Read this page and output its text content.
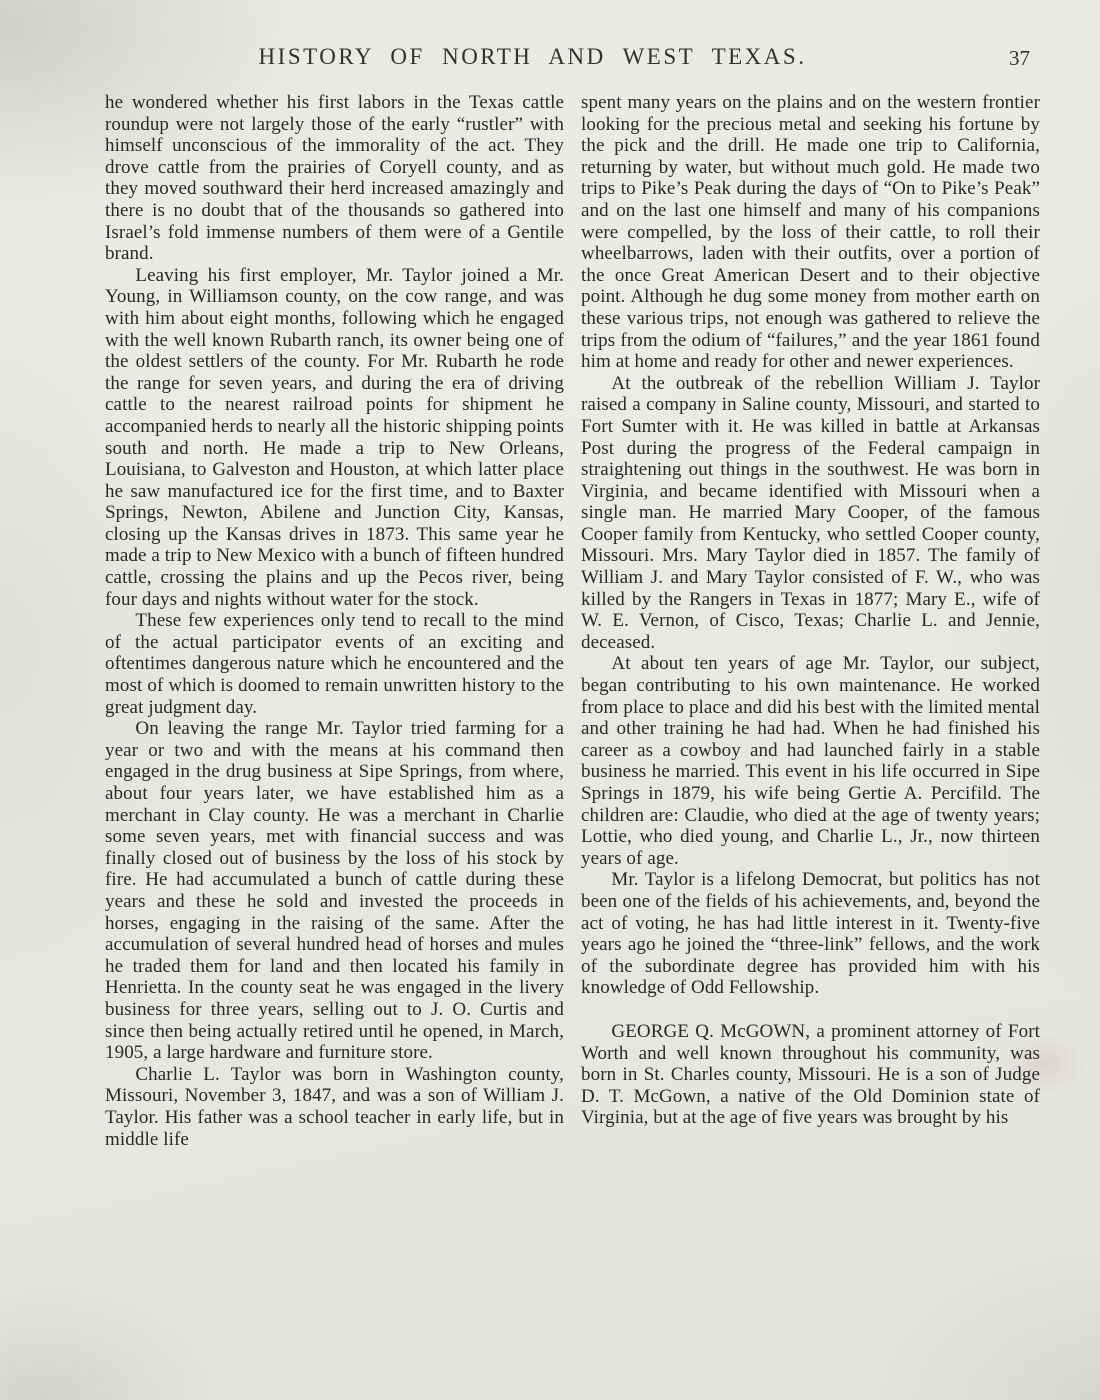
HISTORY OF NORTH AND WEST TEXAS.	37

he wondered whether his first labors in the Texas cattle roundup were not largely those of the early “rustler” with himself unconscious of the immorality of the act. They drove cattle from the prairies of Coryell county, and as they moved southward their herd increased amazingly and there is no doubt that of the thousands so gathered into Israel’s fold immense numbers of them were of a Gentile brand.

Leaving his first employer, Mr. Taylor joined a Mr. Young, in Williamson county, on the cow range, and was with him about eight months, following which he engaged with the well known Rubarth ranch, its owner being one of the oldest settlers of the county. For Mr. Rubarth he rode the range for seven years, and during the era of driving cattle to the nearest railroad points for shipment he accompanied herds to nearly all the historic shipping points south and north. He made a trip to New Orleans, Louisiana, to Galveston and Houston, at which latter place he saw manufactured ice for the first time, and to Baxter Springs, Newton, Abilene and Junction City, Kansas, closing up the Kansas drives in 1873. This same year he made a trip to New Mexico with a bunch of fifteen hundred cattle, crossing the plains and up the Pecos river, being four days and nights without water for the stock.

These few experiences only tend to recall to the mind of the actual participator events of an exciting and oftentimes dangerous nature which he encountered and the most of which is doomed to remain unwritten history to the great judgment day.

On leaving the range Mr. Taylor tried farming for a year or two and with the means at his command then engaged in the drug business at Sipe Springs, from where, about four years later, we have established him as a merchant in Clay county. He was a merchant in Charlie some seven years, met with financial success and was finally closed out of business by the loss of his stock by fire. He had accumulated a bunch of cattle during these years and these he sold and invested the proceeds in horses, engaging in the raising of the same. After the accumulation of several hundred head of horses and mules he traded them for land and then located his family in Henrietta. In the county seat he was engaged in the livery business for three years, selling out to J. O. Curtis and since then being actually retired until he opened, in March, 1905, a large hardware and furniture store.

Charlie L. Taylor was born in Washington county, Missouri, November 3, 1847, and was a son of William J. Taylor. His father was a school teacher in early life, but in middle life

spent many years on the plains and on the western frontier looking for the precious metal and seeking his fortune by the pick and the drill. He made one trip to California, returning by water, but without much gold. He made two trips to Pike’s Peak during the days of “On to Pike’s Peak” and on the last one himself and many of his companions were compelled, by the loss of their cattle, to roll their wheelbarrows, laden with their outfits, over a portion of the once Great American Desert and to their objective point. Although he dug some money from mother earth on these various trips, not enough was gathered to relieve the trips from the odium of “failures,” and the year 1861 found him at home and ready for other and newer experiences.

At the outbreak of the rebellion William J. Taylor raised a company in Saline county, Missouri, and started to Fort Sumter with it. He was killed in battle at Arkansas Post during the progress of the Federal campaign in straightening out things in the southwest. He was born in Virginia, and became identified with Missouri when a single man. He married Mary Cooper, of the famous Cooper family from Kentucky, who settled Cooper county, Missouri. Mrs. Mary Taylor died in 1857. The family of William J. and Mary Taylor consisted of F. W., who was killed by the Rangers in Texas in 1877; Mary E., wife of W. E. Vernon, of Cisco, Texas; Charlie L. and Jennie, deceased.

At about ten years of age Mr. Taylor, our subject, began contributing to his own maintenance. He worked from place to place and did his best with the limited mental and other training he had had. When he had finished his career as a cowboy and had launched fairly in a stable business he married. This event in his life occurred in Sipe Springs in 1879, his wife being Gertie A. Percifild. The children are: Claudie, who died at the age of twenty years; Lottie, who died young, and Charlie L., Jr., now thirteen years of age.

Mr. Taylor is a lifelong Democrat, but politics has not been one of the fields of his achievements, and, beyond the act of voting, he has had little interest in it. Twenty-five years ago he joined the “three-link” fellows, and the work of the subordinate degree has provided him with his knowledge of Odd Fellowship.

GEORGE Q. McGOWN, a prominent attorney of Fort Worth and well known throughout his community, was born in St. Charles county, Missouri. He is a son of Judge D. T. McGown, a native of the Old Dominion state of Virginia, but at the age of five years was brought by his
